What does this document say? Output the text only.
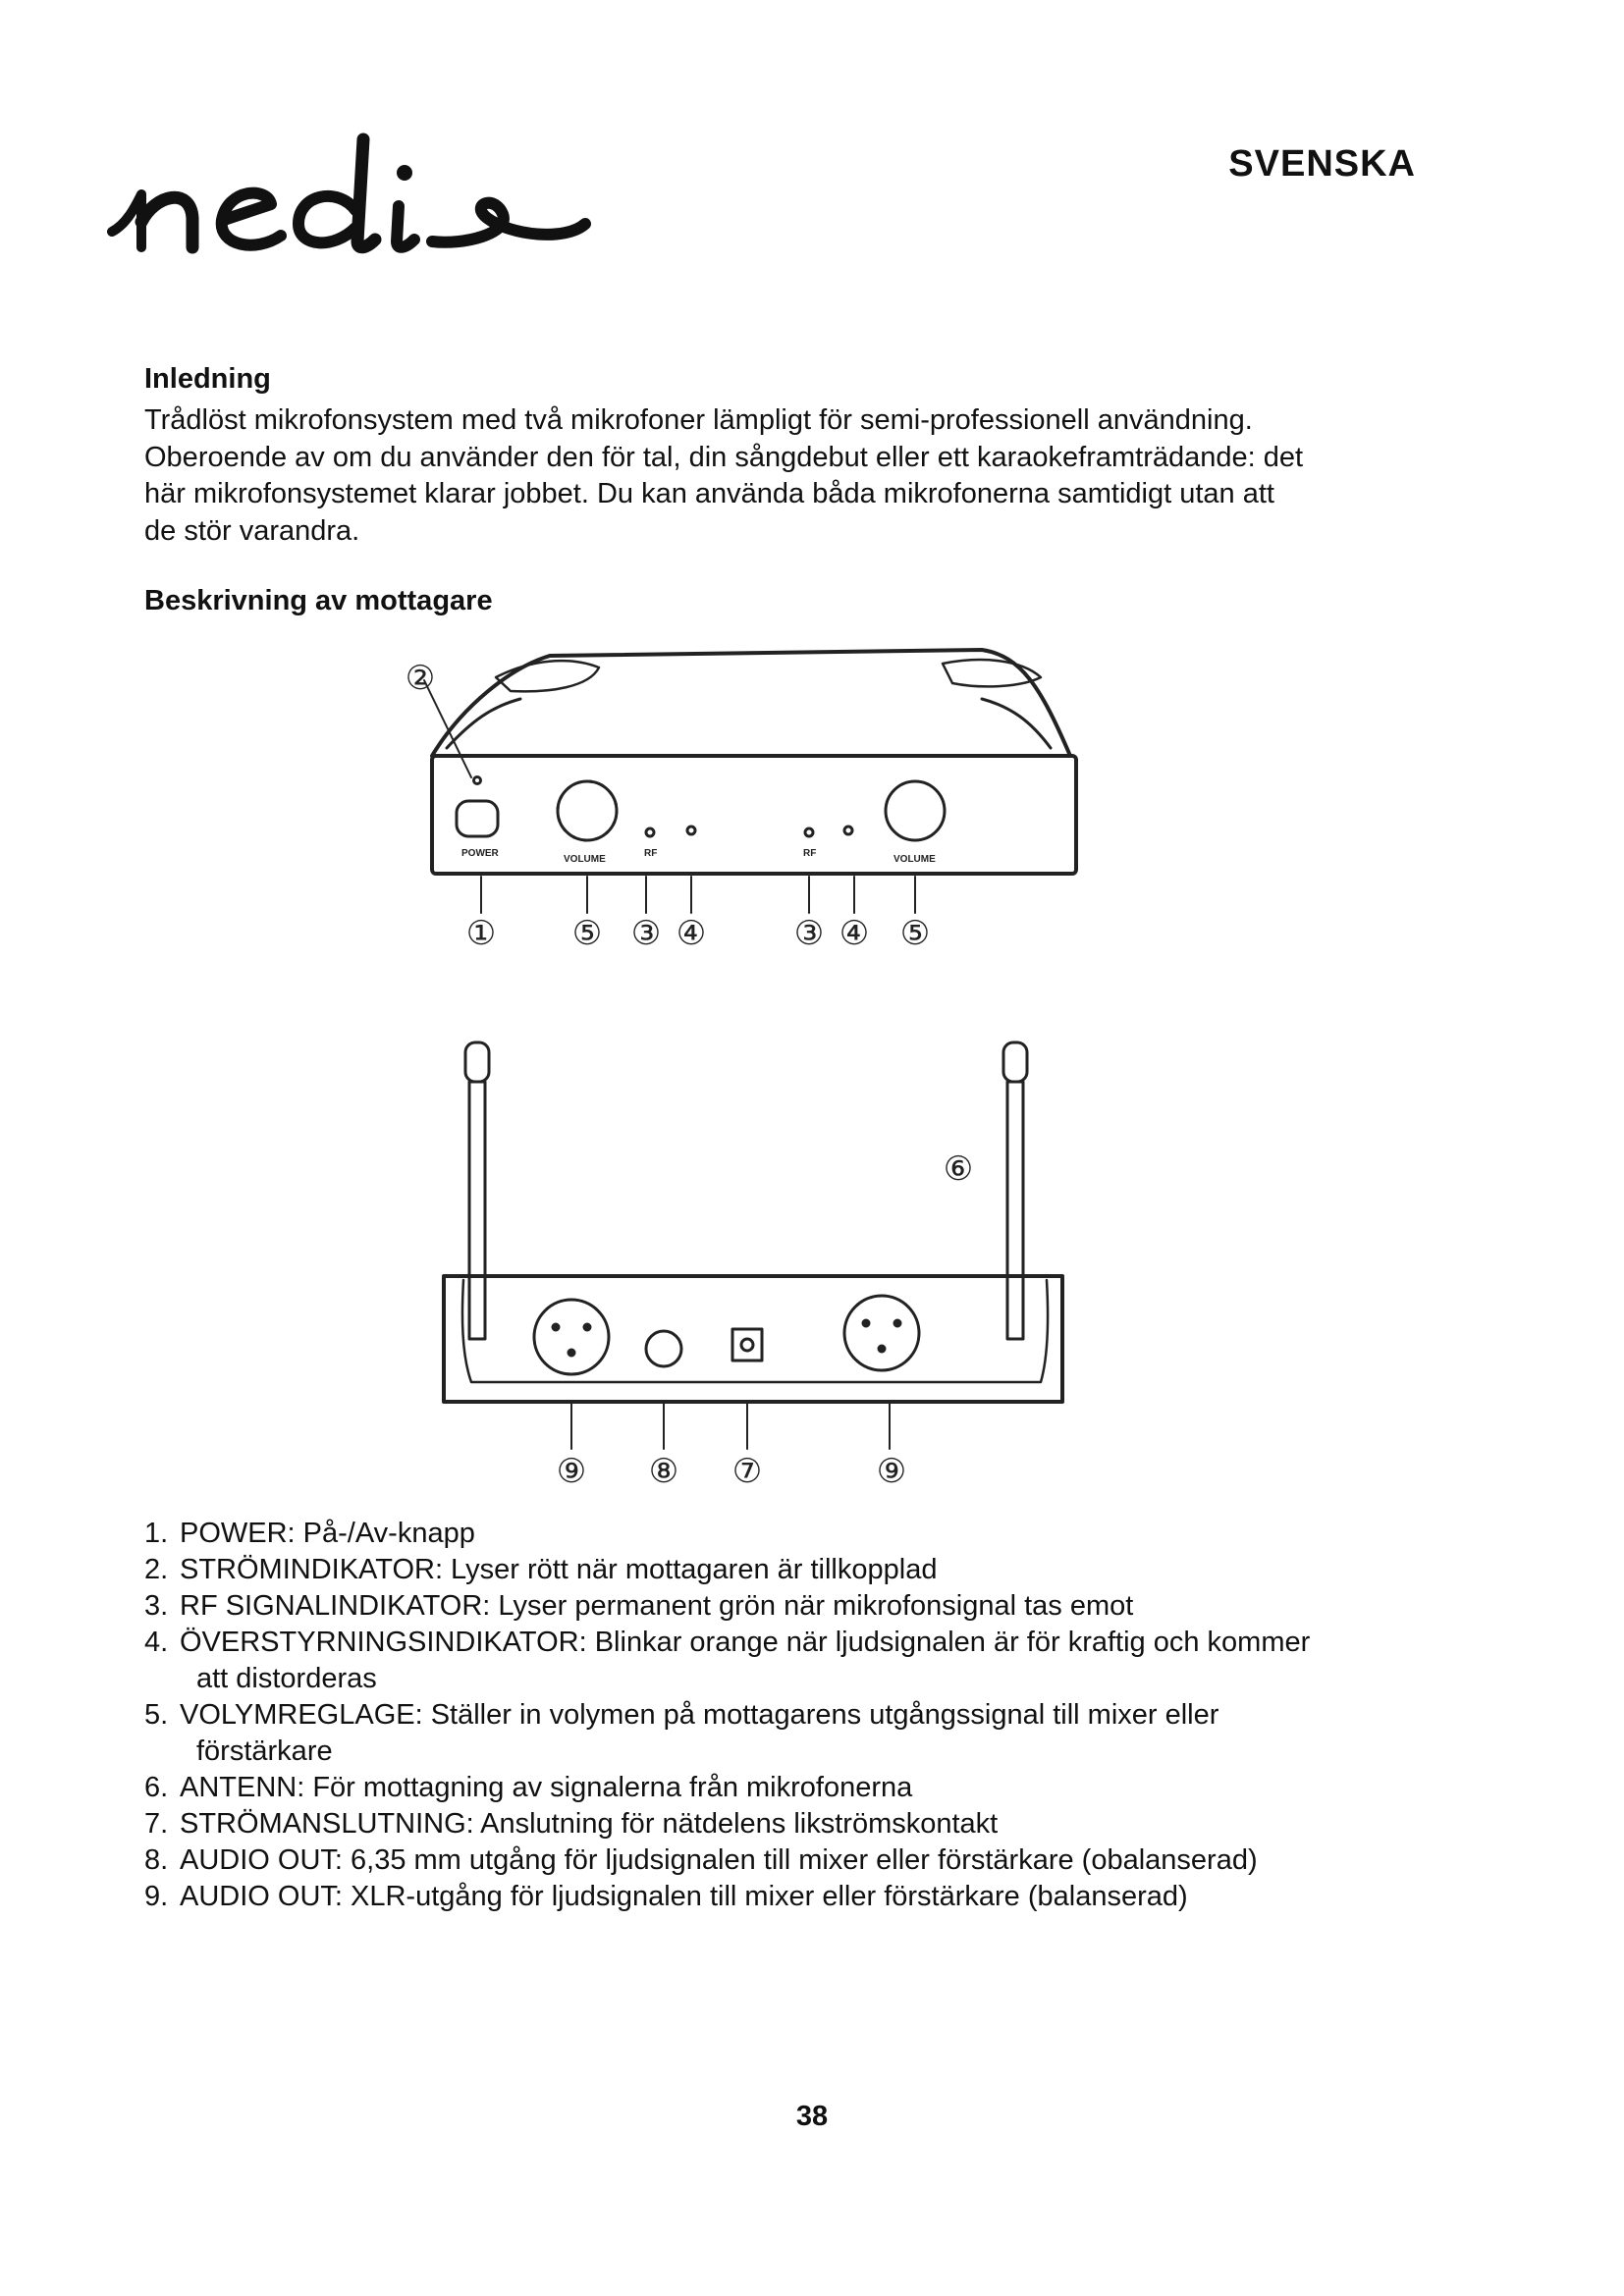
SVENSKA
Inledning
Trådlöst mikrofonsystem med två mikrofoner lämpligt för semi-professionell användning.
Oberoende av om du använder den för tal, din sångdebut eller ett karaokeframträdande: det
här mikrofonsystemet klarar jobbet. Du kan använda båda mikrofonerna samtidigt utan att
de stör varandra.
Beskrivning av mottagare
POWER
VOLUME
RF	RF
VOLUME
②
① ⑤ ③ ④	③ ④ ⑤
⑥
⑨ ⑧ ⑦	⑨
1. POWER: På-/Av-knapp
2. STRÖMINDIKATOR: Lyser rött när mottagaren är tillkopplad
3. RF SIGNALINDIKATOR: Lyser permanent grön när mikrofonsignal tas emot
4. ÖVERSTYRNINGSINDIKATOR: Blinkar orange när ljudsignalen är för kraftig och kommer
att distorderas
5. VOLYMREGLAGE: Ställer in volymen på mottagarens utgångssignal till mixer eller
förstärkare
6. ANTENN: För mottagning av signalerna från mikrofonerna
7. STRÖMANSLUTNING: Anslutning för nätdelens likströmskontakt
8. AUDIO OUT: 6,35 mm utgång för ljudsignalen till mixer eller förstärkare (obalanserad)
9. AUDIO OUT: XLR-utgång för ljudsignalen till mixer eller förstärkare (balanserad)
38
